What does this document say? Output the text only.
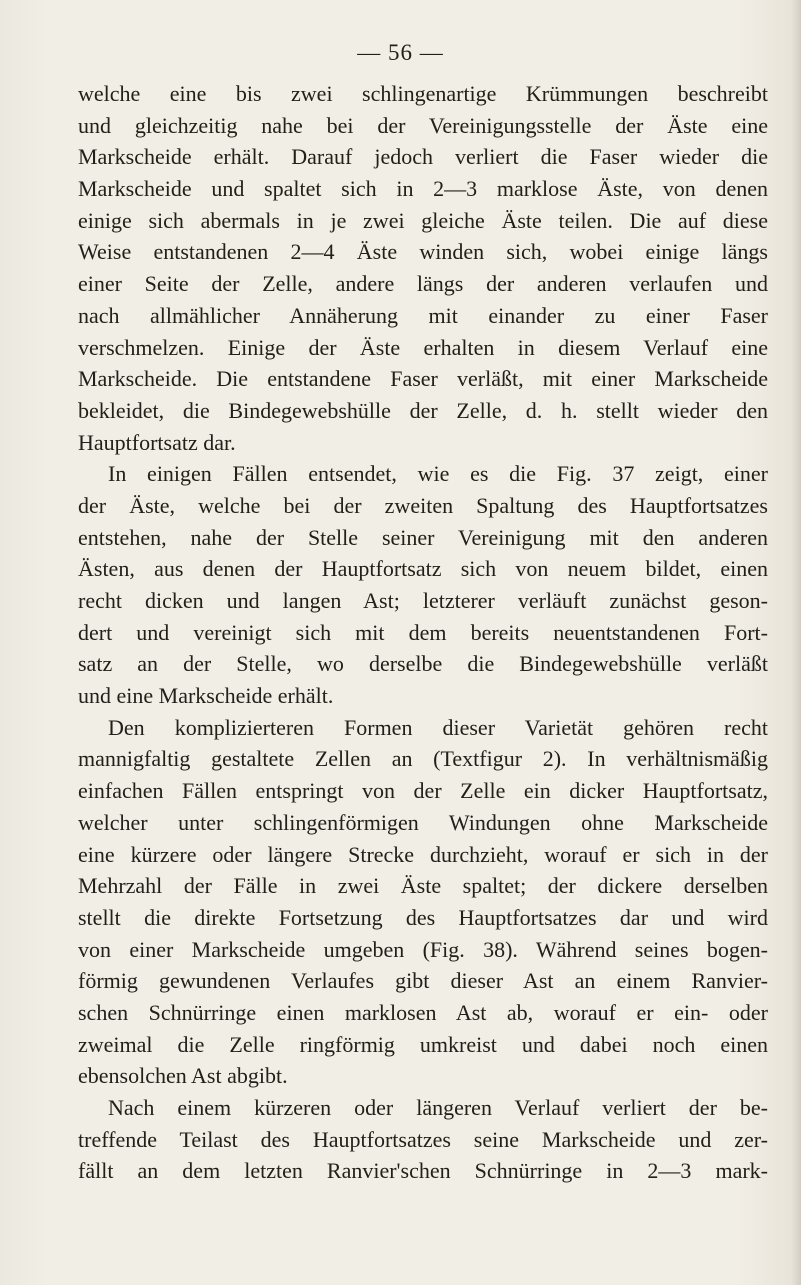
— 56 —
welche eine bis zwei schlingenartige Krümmungen beschreibt
und gleichzeitig nahe bei der Vereinigungsstelle der Äste eine
Markscheide erhält. Darauf jedoch verliert die Faser wieder die
Markscheide und spaltet sich in 2—3 marklose Äste, von denen
einige sich abermals in je zwei gleiche Äste teilen. Die auf diese
Weise entstandenen 2—4 Äste winden sich, wobei einige längs
einer Seite der Zelle, andere längs der anderen verlaufen und
nach allmählicher Annäherung mit einander zu einer Faser
verschmelzen. Einige der Äste erhalten in diesem Verlauf eine
Markscheide. Die entstandene Faser verläßt, mit einer Markscheide
bekleidet, die Bindegewebshülle der Zelle, d. h. stellt wieder den
Hauptfortsatz dar.
In einigen Fällen entsendet, wie es die Fig. 37 zeigt, einer
der Äste, welche bei der zweiten Spaltung des Hauptfortsatzes
entstehen, nahe der Stelle seiner Vereinigung mit den anderen
Ästen, aus denen der Hauptfortsatz sich von neuem bildet, einen
recht dicken und langen Ast; letzterer verläuft zunächst geson-
dert und vereinigt sich mit dem bereits neuentstandenen Fort-
satz an der Stelle, wo derselbe die Bindegewebshülle verläßt
und eine Markscheide erhält.
Den komplizierteren Formen dieser Varietät gehören recht
mannigfaltig gestaltete Zellen an (Textfigur 2). In verhältnismäßig
einfachen Fällen entspringt von der Zelle ein dicker Hauptfortsatz,
welcher unter schlingenförmigen Windungen ohne Markscheide
eine kürzere oder längere Strecke durchzieht, worauf er sich in der
Mehrzahl der Fälle in zwei Äste spaltet; der dickere derselben
stellt die direkte Fortsetzung des Hauptfortsatzes dar und wird
von einer Markscheide umgeben (Fig. 38). Während seines bogen-
förmig gewundenen Verlaufes gibt dieser Ast an einem Ranvier-
schen Schnürringe einen marklosen Ast ab, worauf er ein- oder
zweimal die Zelle ringförmig umkreist und dabei noch einen
ebensolchen Ast abgibt.
Nach einem kürzeren oder längeren Verlauf verliert der be-
treffende Teilast des Hauptfortsatzes seine Markscheide und zer-
fällt an dem letzten Ranvier'schen Schnürringe in 2—3 mark-
